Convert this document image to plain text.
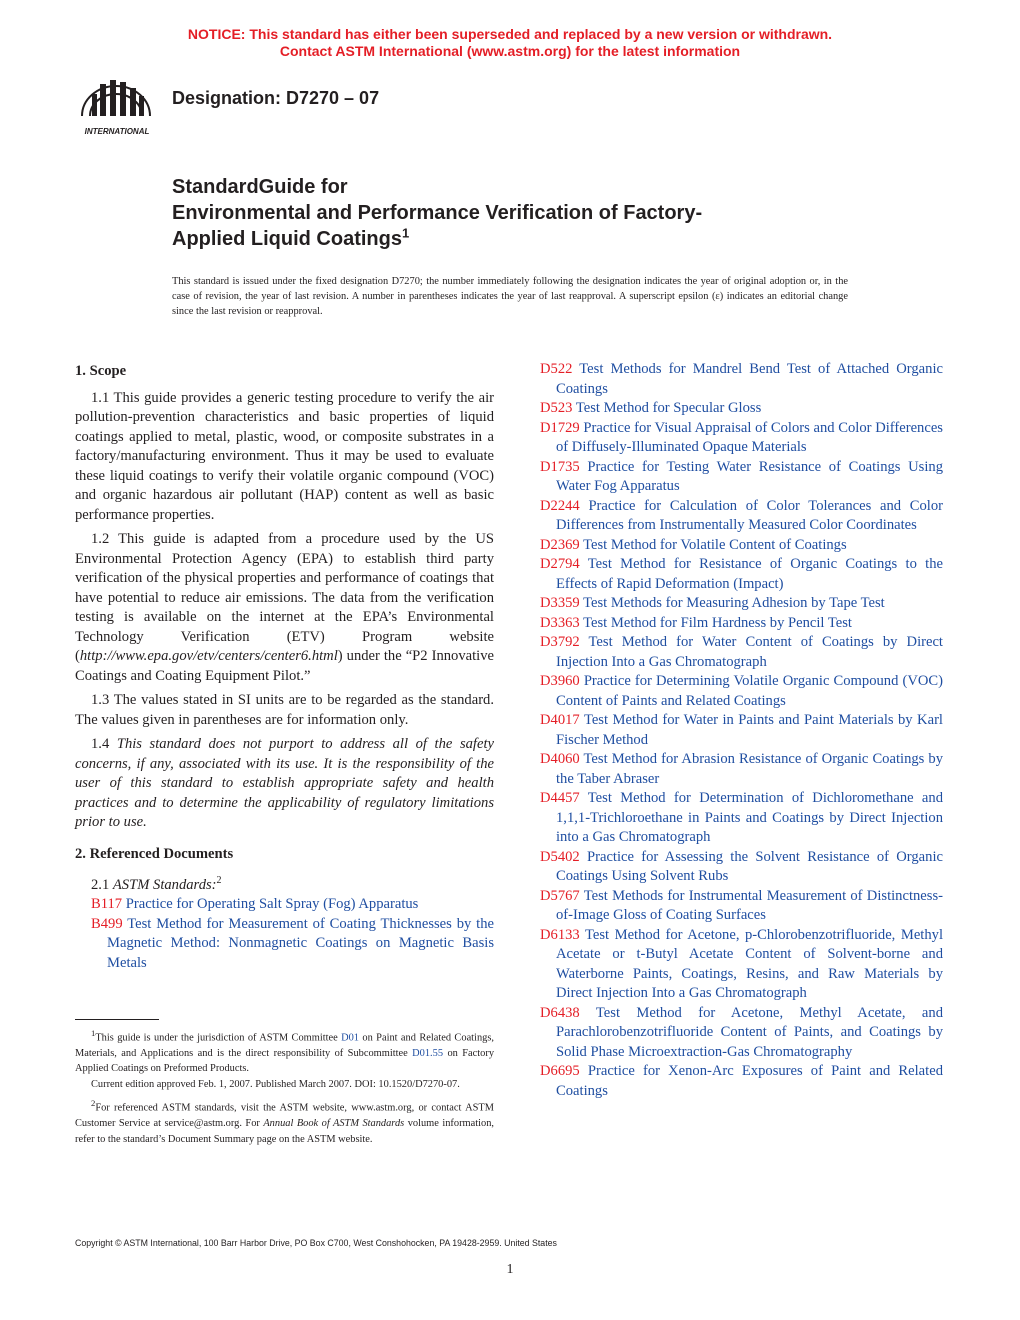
NOTICE: This standard has either been superseded and replaced by a new version or withdrawn.
Contact ASTM International (www.astm.org) for the latest information
INTERNATIONAL
Designation: D7270 – 07
StandardGuide for
Environmental and Performance Verification of Factory-
Applied Liquid Coatings$^1$
This standard is issued under the fixed designation D7270; the number immediately following the designation indicates the year of original adoption or, in the case of revision, the year of last revision. A number in parentheses indicates the year of last reapproval. A superscript epsilon (ε) indicates an editorial change since the last revision or reapproval.
1. Scope

1.1 This guide provides a generic testing procedure to verify the air pollution-prevention characteristics and basic properties of liquid coatings applied to metal, plastic, wood, or composite substrates in a factory/manufacturing environment. Thus it may be used to evaluate these liquid coatings to verify their volatile organic compound (VOC) and organic hazardous air pollutant (HAP) content as well as basic performance properties.

1.2 This guide is adapted from a procedure used by the US Environmental Protection Agency (EPA) to establish third party verification of the physical properties and performance of coatings that have potential to reduce air emissions. The data from the verification testing is available on the internet at the EPA’s Environmental Technology Verification (ETV) Program website (http://www.epa.gov/etv/centers/center6.html) under the “P2 Innovative Coatings and Coating Equipment Pilot.”

1.3 The values stated in SI units are to be regarded as the standard. The values given in parentheses are for information only.

1.4 This standard does not purport to address all of the safety concerns, if any, associated with its use. It is the responsibility of the user of this standard to establish appropriate safety and health practices and to determine the applicability of regulatory limitations prior to use.

2. Referenced Documents

2.1 ASTM Standards:$^2$

B117 Practice for Operating Salt Spray (Fog) Apparatus

B499 Test Method for Measurement of Coating Thicknesses by the Magnetic Method: Nonmagnetic Coatings on Magnetic Basis Metals

D522 Test Methods for Mandrel Bend Test of Attached Organic Coatings

D523 Test Method for Specular Gloss

D1729 Practice for Visual Appraisal of Colors and Color Differences of Diffusely-Illuminated Opaque Materials

D1735 Practice for Testing Water Resistance of Coatings Using Water Fog Apparatus

D2244 Practice for Calculation of Color Tolerances and Color Differences from Instrumentally Measured Color Coordinates

D2369 Test Method for Volatile Content of Coatings

D2794 Test Method for Resistance of Organic Coatings to the Effects of Rapid Deformation (Impact)

D3359 Test Methods for Measuring Adhesion by Tape Test

D3363 Test Method for Film Hardness by Pencil Test

D3792 Test Method for Water Content of Coatings by Direct Injection Into a Gas Chromatograph

D3960 Practice for Determining Volatile Organic Compound (VOC) Content of Paints and Related Coatings

D4017 Test Method for Water in Paints and Paint Materials by Karl Fischer Method

D4060 Test Method for Abrasion Resistance of Organic Coatings by the Taber Abraser

D4457 Test Method for Determination of Dichloromethane and 1,1,1-Trichloroethane in Paints and Coatings by Direct Injection into a Gas Chromatograph

D5402 Practice for Assessing the Solvent Resistance of Organic Coatings Using Solvent Rubs

D5767 Test Methods for Instrumental Measurement of Distinctness-of-Image Gloss of Coating Surfaces

D6133 Test Method for Acetone, p-Chlorobenzotrifluoride, Methyl Acetate or t-Butyl Acetate Content of Solvent-borne and Waterborne Paints, Coatings, Resins, and Raw Materials by Direct Injection Into a Gas Chromatograph

D6438 Test Method for Acetone, Methyl Acetate, and Parachlorobenzotrifluoride Content of Paints, and Coatings by Solid Phase Microextraction-Gas Chromatography

D6695 Practice for Xenon-Arc Exposures of Paint and Related Coatings

$^1$This guide is under the jurisdiction of ASTM Committee D01 on Paint and Related Coatings, Materials, and Applications and is the direct responsibility of Subcommittee D01.55 on Factory Applied Coatings on Preformed Products.

Current edition approved Feb. 1, 2007. Published March 2007. DOI: 10.1520/D7270-07.

$^2$For referenced ASTM standards, visit the ASTM website, www.astm.org, or contact ASTM Customer Service at service@astm.org. For Annual Book of ASTM Standards volume information, refer to the standard’s Document Summary page on the ASTM website.

Copyright © ASTM International, 100 Barr Harbor Drive, PO Box C700, West Conshohocken, PA 19428-2959. United States
1
